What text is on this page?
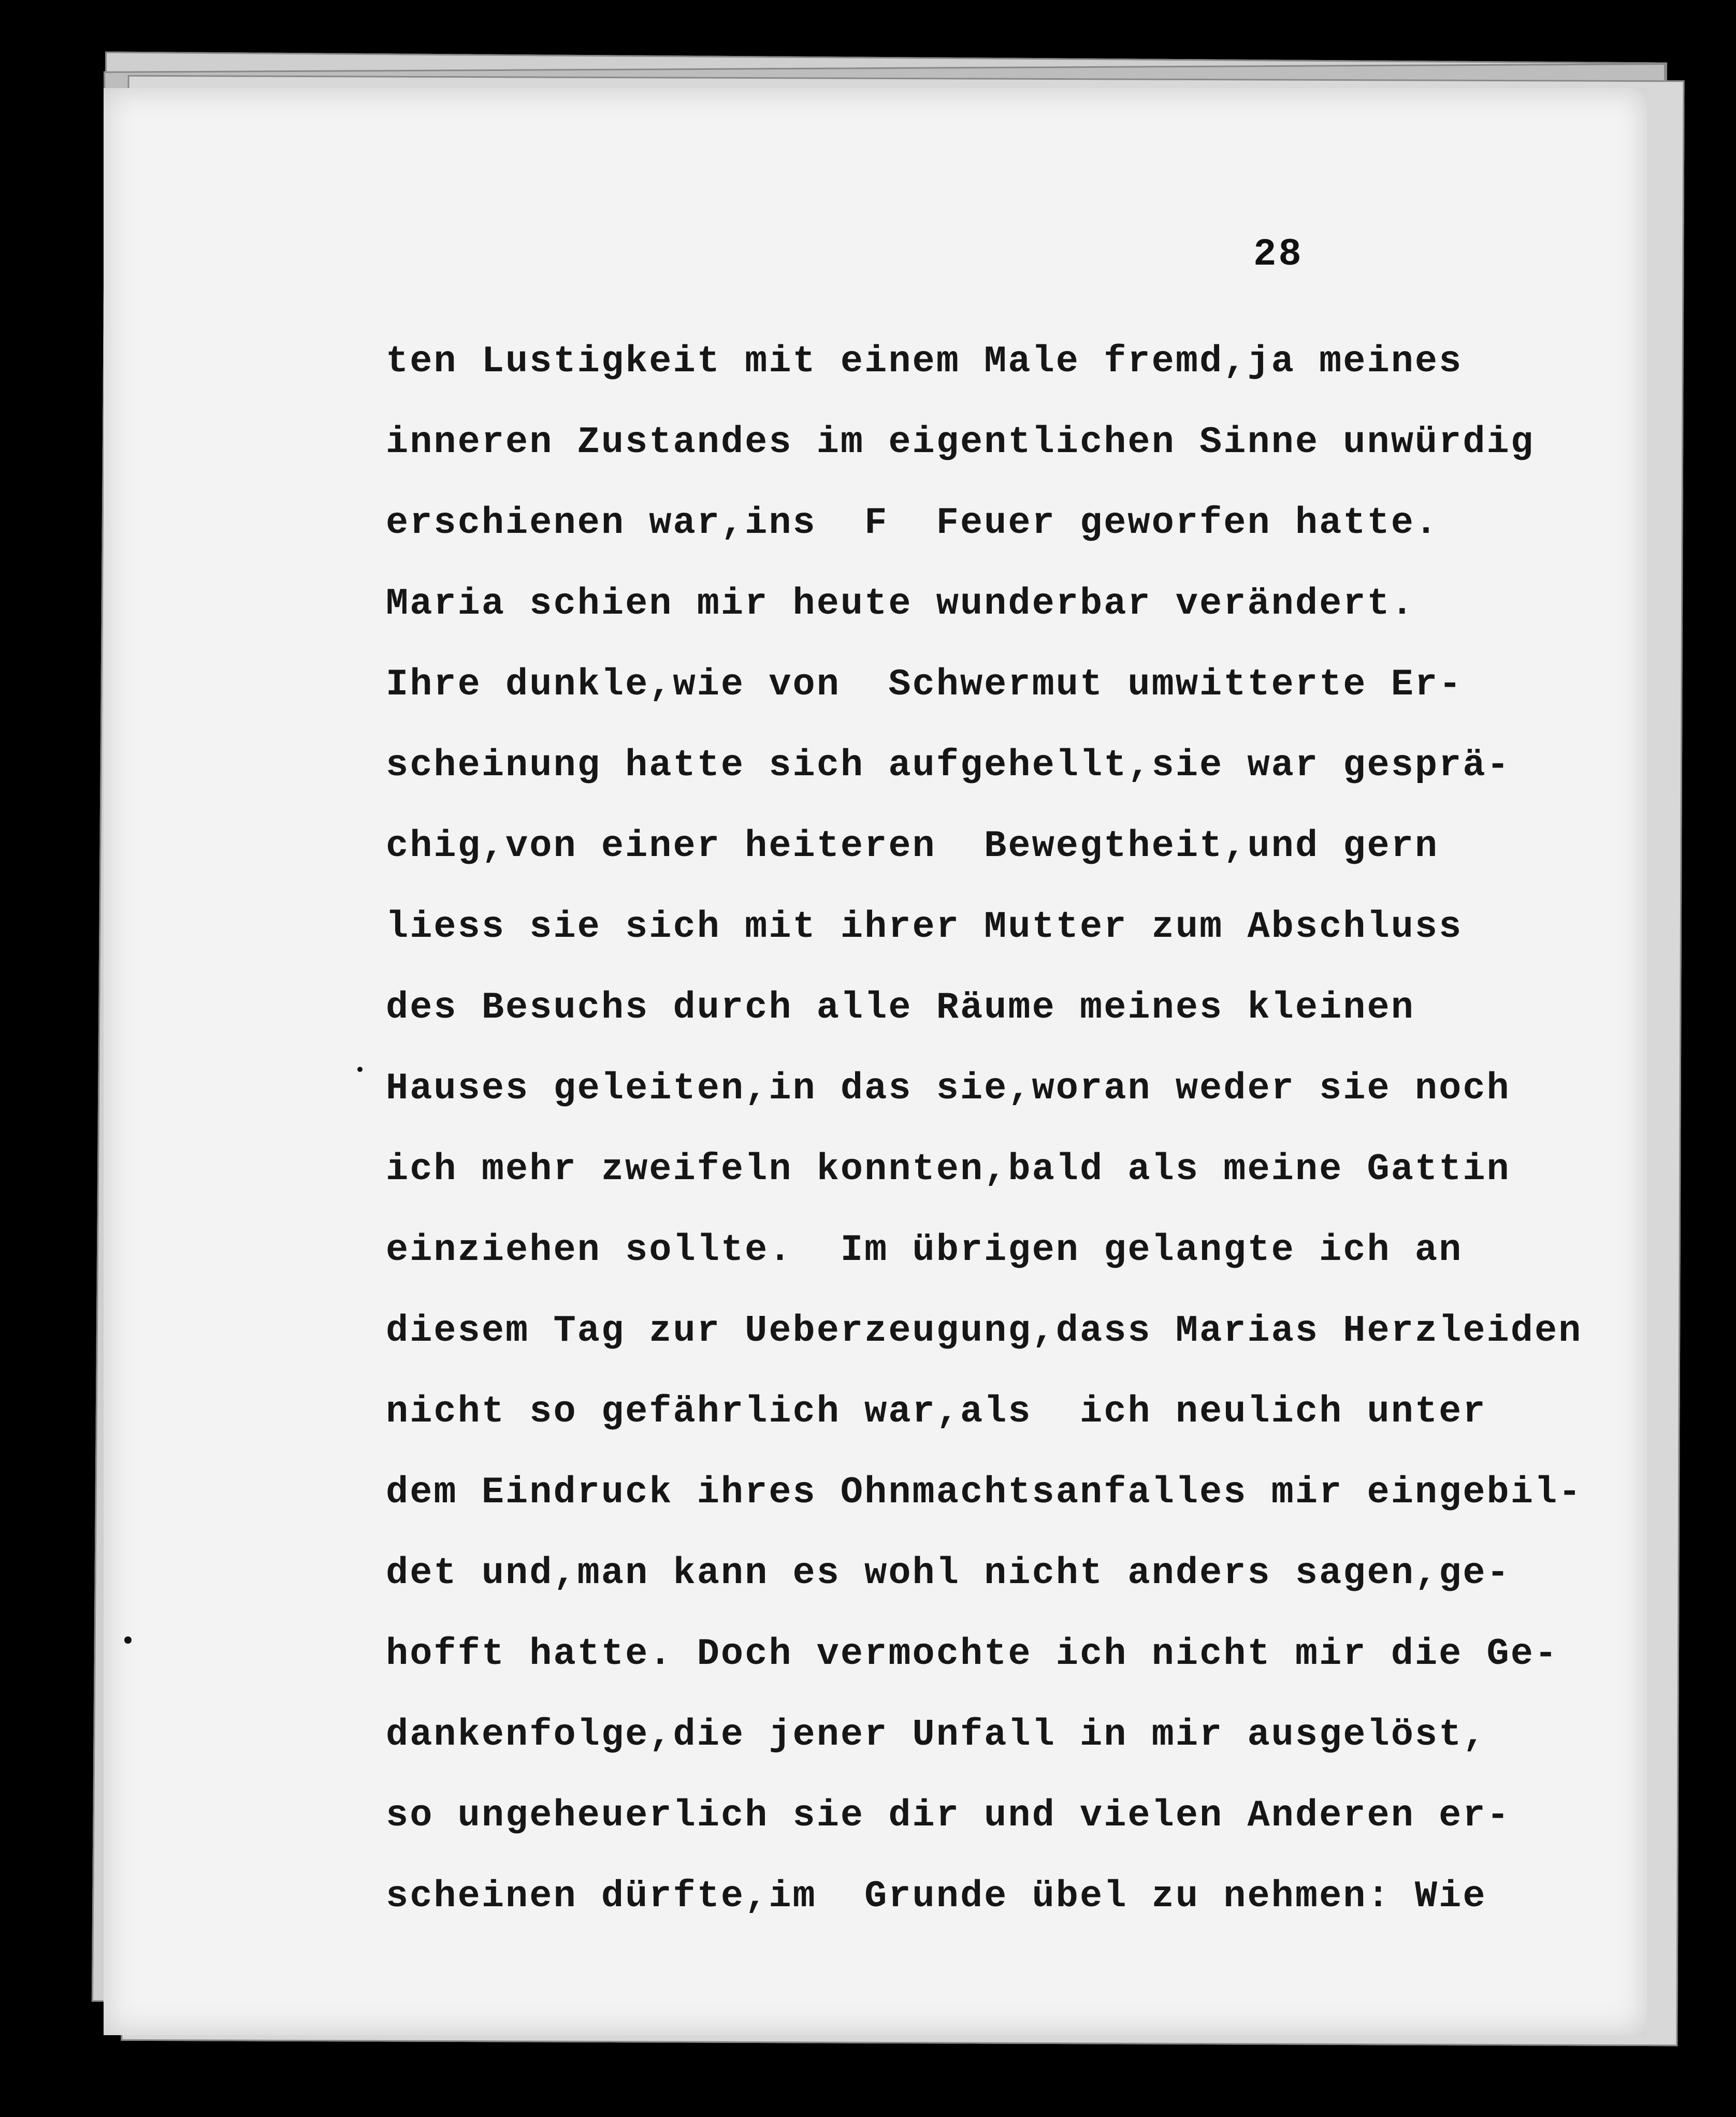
28
ten Lustigkeit mit einem Male fremd,ja meines
inneren Zustandes im eigentlichen Sinne unwürdig
erschienen war,ins  F  Feuer geworfen hatte.
Maria schien mir heute wunderbar verändert.
Ihre dunkle,wie von  Schwermut umwitterte Er-
scheinung hatte sich aufgehellt,sie war gesprä-
chig,von einer heiteren  Bewegtheit,und gern
liess sie sich mit ihrer Mutter zum Abschluss
des Besuchs durch alle Räume meines kleinen
Hauses geleiten,in das sie,woran weder sie noch
ich mehr zweifeln konnten,bald als meine Gattin
einziehen sollte.  Im übrigen gelangte ich an
diesem Tag zur Ueberzeugung,dass Marias Herzleiden
nicht so gefährlich war,als  ich neulich unter
dem Eindruck ihres Ohnmachtsanfalles mir eingebil-
det und,man kann es wohl nicht anders sagen,ge-
hofft hatte. Doch vermochte ich nicht mir die Ge-
dankenfolge,die jener Unfall in mir ausgelöst,
so ungeheuerlich sie dir und vielen Anderen er-
scheinen dürfte,im  Grunde übel zu nehmen: Wie
